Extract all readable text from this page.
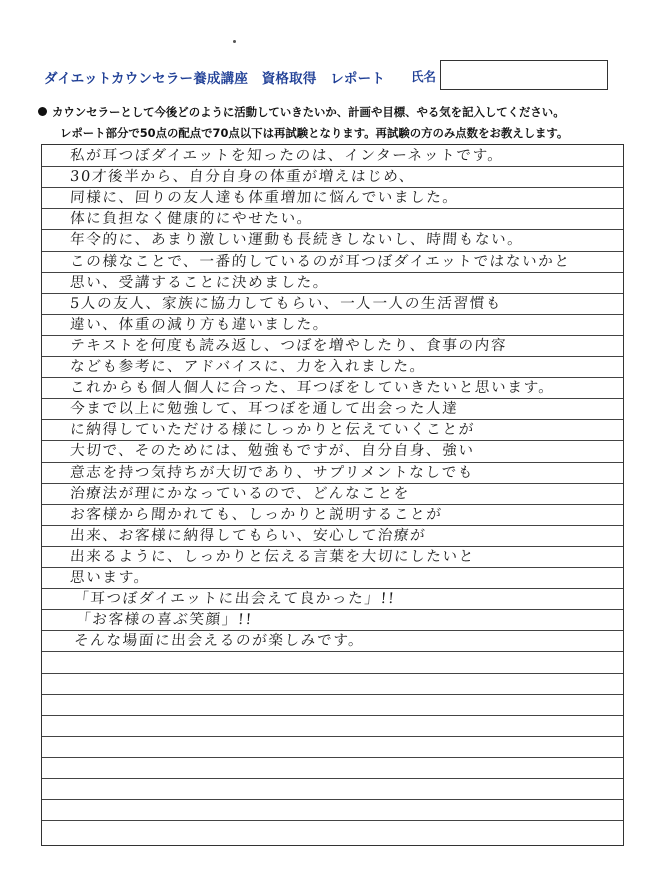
ダイエットカウンセラー養成講座　資格取得　レポート 氏名
カウンセラーとして今後どのように活動していきたいか、計画や目標、やる気を記入してください。
レポート部分で50点の配点で70点以下は再試験となります。再試験の方のみ点数をお教えします。
私が耳つぼダイエットを知ったのは、インターネットです。
30才後半から、自分自身の体重が増えはじめ、
同様に、回りの友人達も体重増加に悩んでいました。
体に負担なく健康的にやせたい。
年令的に、あまり激しい運動も長続きしないし、時間もない。
この様なことで、一番的しているのが耳つぼダイエットではないかと
思い、受講することに決めました。
5人の友人、家族に協力してもらい、一人一人の生活習慣も
違い、体重の減り方も違いました。
テキストを何度も読み返し、つぼを増やしたり、食事の内容
なども参考に、アドバイスに、力を入れました。
これからも個人個人に合った、耳つぼをしていきたいと思います。
今まで以上に勉強して、耳つぼを通して出会った人達
に納得していただける様にしっかりと伝えていくことが
大切で、そのためには、勉強もですが、自分自身、強い
意志を持つ気持ちが大切であり、サプリメントなしでも
治療法が理にかなっているので、どんなことを
お客様から聞かれても、しっかりと説明することが
出来、お客様に納得してもらい、安心して治療が
出来るように、しっかりと伝える言葉を大切にしたいと
思います。
「耳つぼダイエットに出会えて良かった」!!
「お客様の喜ぶ笑顔」!!
そんな場面に出会えるのが楽しみです。
